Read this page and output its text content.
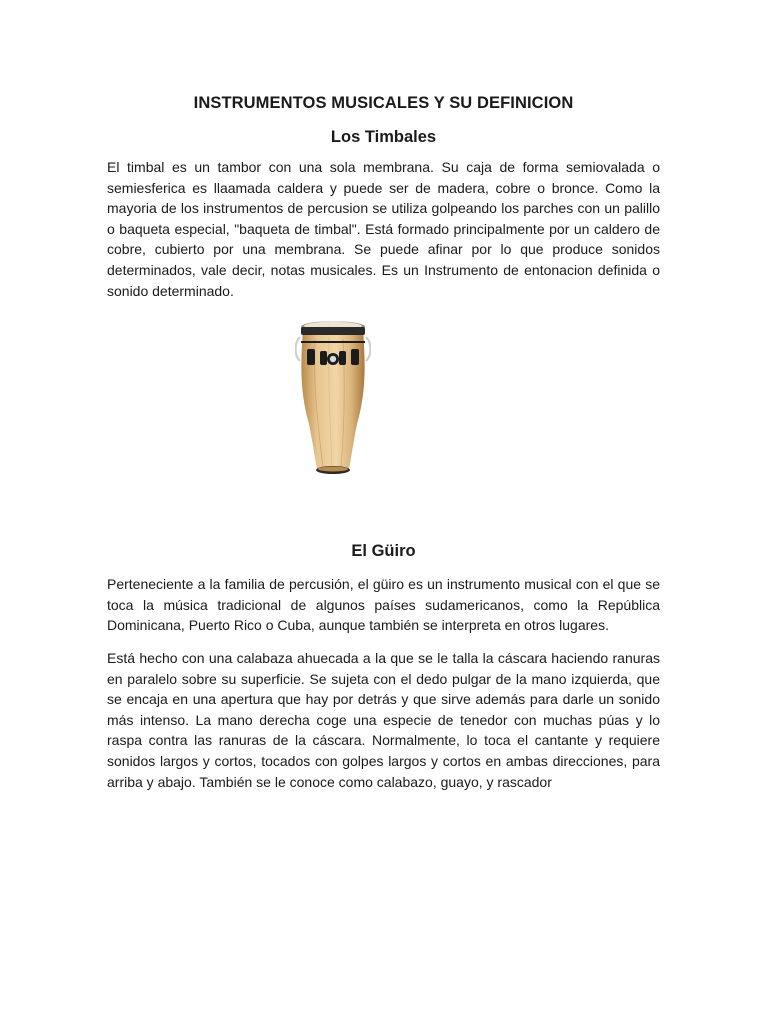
INSTRUMENTOS MUSICALES Y SU DEFINICION
Los Timbales

El timbal es un tambor con una sola membrana. Su caja de forma semiovalada o semiesferica es llaamada caldera y puede ser de madera, cobre o bronce. Como la mayoria de los instrumentos de percusion se utiliza golpeando los parches con un palillo o baqueta especial, "baqueta de timbal". Está formado principalmente por un caldero de cobre, cubierto por una membrana. Se puede afinar por lo que produce sonidos determinados, vale decir, notas musicales. Es un Instrumento de entonacion definida o sonido determinado.

El Güiro

Perteneciente a la familia de percusión, el güiro es un instrumento musical con el que se toca la música tradicional de algunos países sudamericanos, como la República Dominicana, Puerto Rico o Cuba, aunque también se interpreta en otros lugares.

Está hecho con una calabaza ahuecada a la que se le talla la cáscara haciendo ranuras en paralelo sobre su superficie. Se sujeta con el dedo pulgar de la mano izquierda, que se encaja en una apertura que hay por detrás y que sirve además para darle un sonido más intenso. La mano derecha coge una especie de tenedor con muchas púas y lo raspa contra las ranuras de la cáscara. Normalmente, lo toca el cantante y requiere sonidos largos y cortos, tocados con golpes largos y cortos en ambas direcciones, para arriba y abajo. También se le conoce como calabazo, guayo, y rascador
